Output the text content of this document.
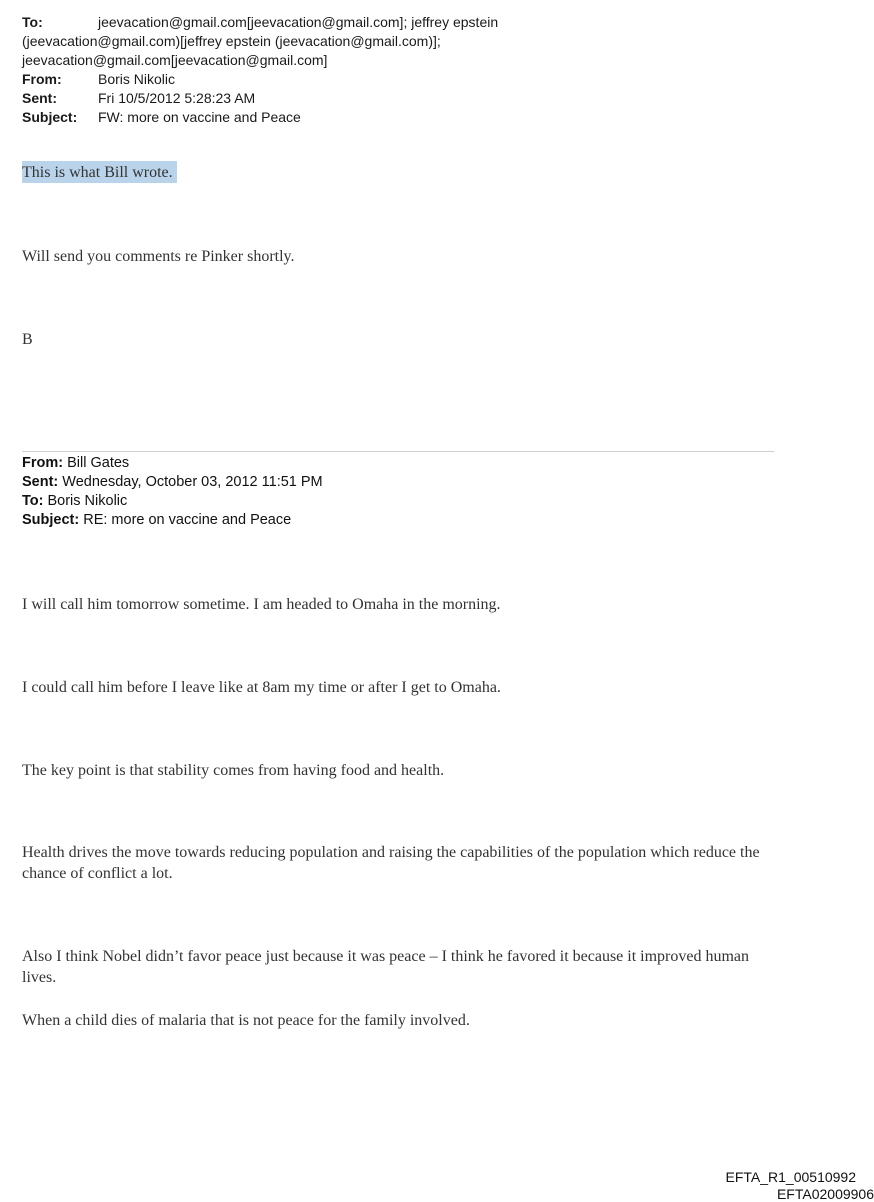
To:	jeevacation@gmail.com[jeevacation@gmail.com]; jeffrey epstein
(jeevacation@gmail.com)[jeffrey epstein (jeevacation@gmail.com)];
jeevacation@gmail.com[jeevacation@gmail.com]
From:	Boris Nikolic
Sent:	Fri 10/5/2012 5:28:23 AM
Subject:	FW: more on vaccine and Peace
This is what Bill wrote.
Will send you comments re Pinker shortly.
B
From: Bill Gates
Sent: Wednesday, October 03, 2012 11:51 PM
To: Boris Nikolic
Subject: RE: more on vaccine and Peace
I will call him tomorrow sometime. I am headed to Omaha in the morning.
I could call him before I leave like at 8am my time or after I get to Omaha.
The key point is that stability comes from having food and health.
Health drives the move towards reducing population and raising the capabilities of the population which reduce the chance of conflict a lot.
Also I think Nobel didn’t favor peace just because it was peace – I think he favored it because it improved human lives.
When a child dies of malaria that is not peace for the family involved.
EFTA_R1_00510992
EFTA02009906
